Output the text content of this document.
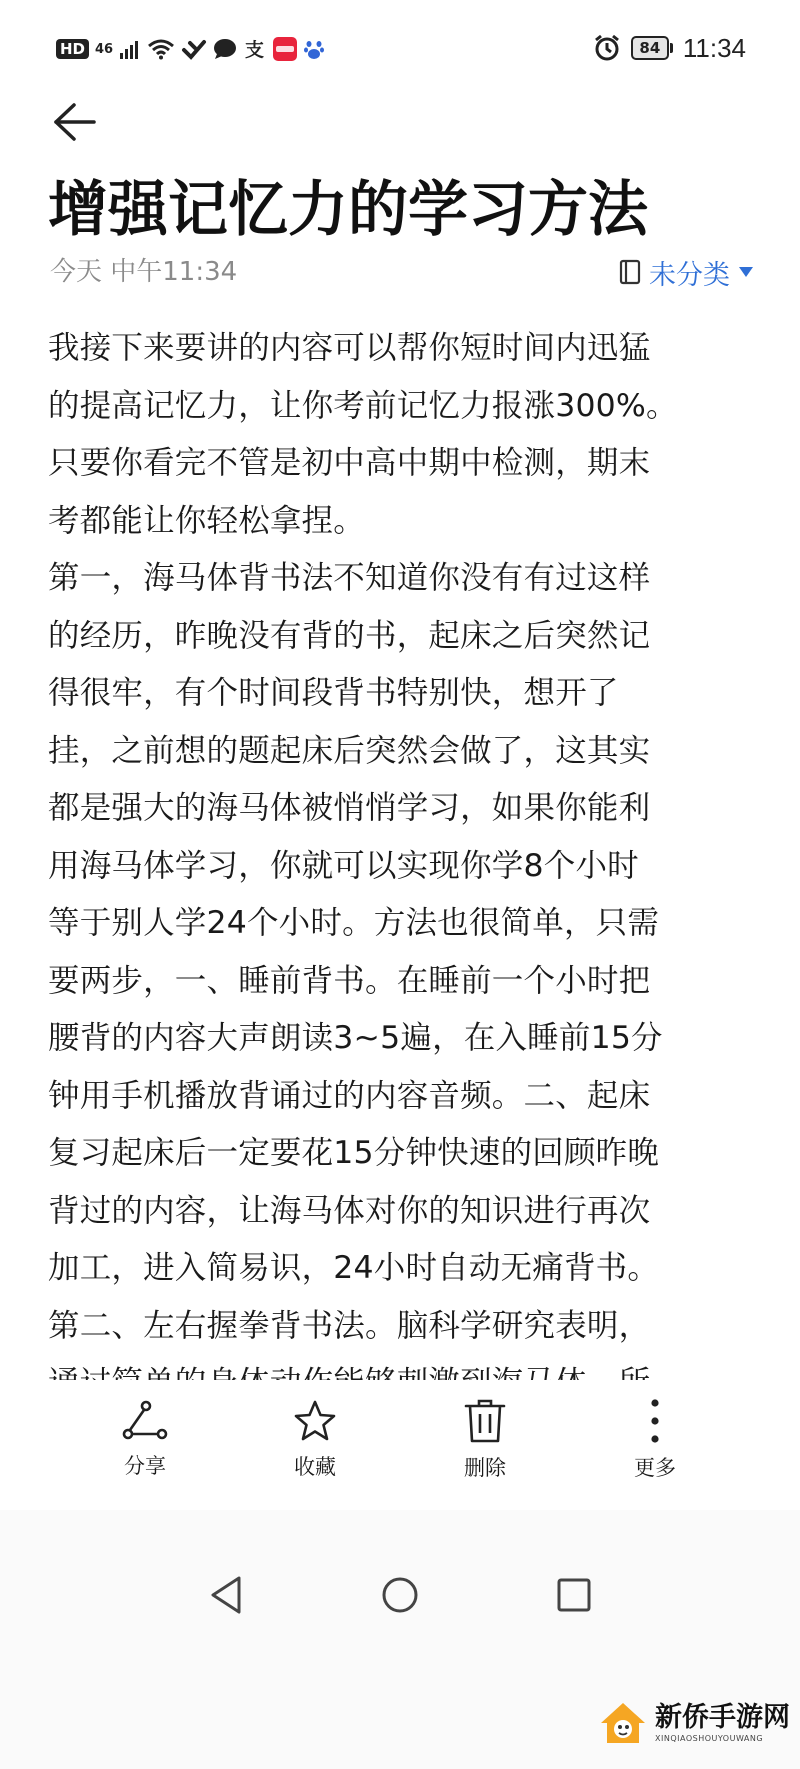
HD 46	支	84 11:34
增强记忆力的学习方法
今天 中午11:34	未分类
我接下来要讲的内容可以帮你短时间内迅猛
的提高记忆力，让你考前记忆力报涨300%。
只要你看完不管是初中高中期中检测，期末
考都能让你轻松拿捏。
第一，海马体背书法不知道你没有有过这样
的经历，昨晚没有背的书，起床之后突然记
得很牢，有个时间段背书特别快，想开了
挂，之前想的题起床后突然会做了，这其实
都是强大的海马体被悄悄学习，如果你能利
用海马体学习，你就可以实现你学8个小时
等于别人学24个小时。方法也很简单，只需
要两步，一、睡前背书。在睡前一个小时把
腰背的内容大声朗读3~5遍，在入睡前15分
钟用手机播放背诵过的内容音频。二、起床
复习起床后一定要花15分钟快速的回顾昨晚
背过的内容，让海马体对你的知识进行再次
加工，进入简易识，24小时自动无痛背书。
第二、左右握拳背书法。脑科学研究表明，
分享	收藏	删除	更多
新侨手游网
XINQIAOSHOUYOUWANG
